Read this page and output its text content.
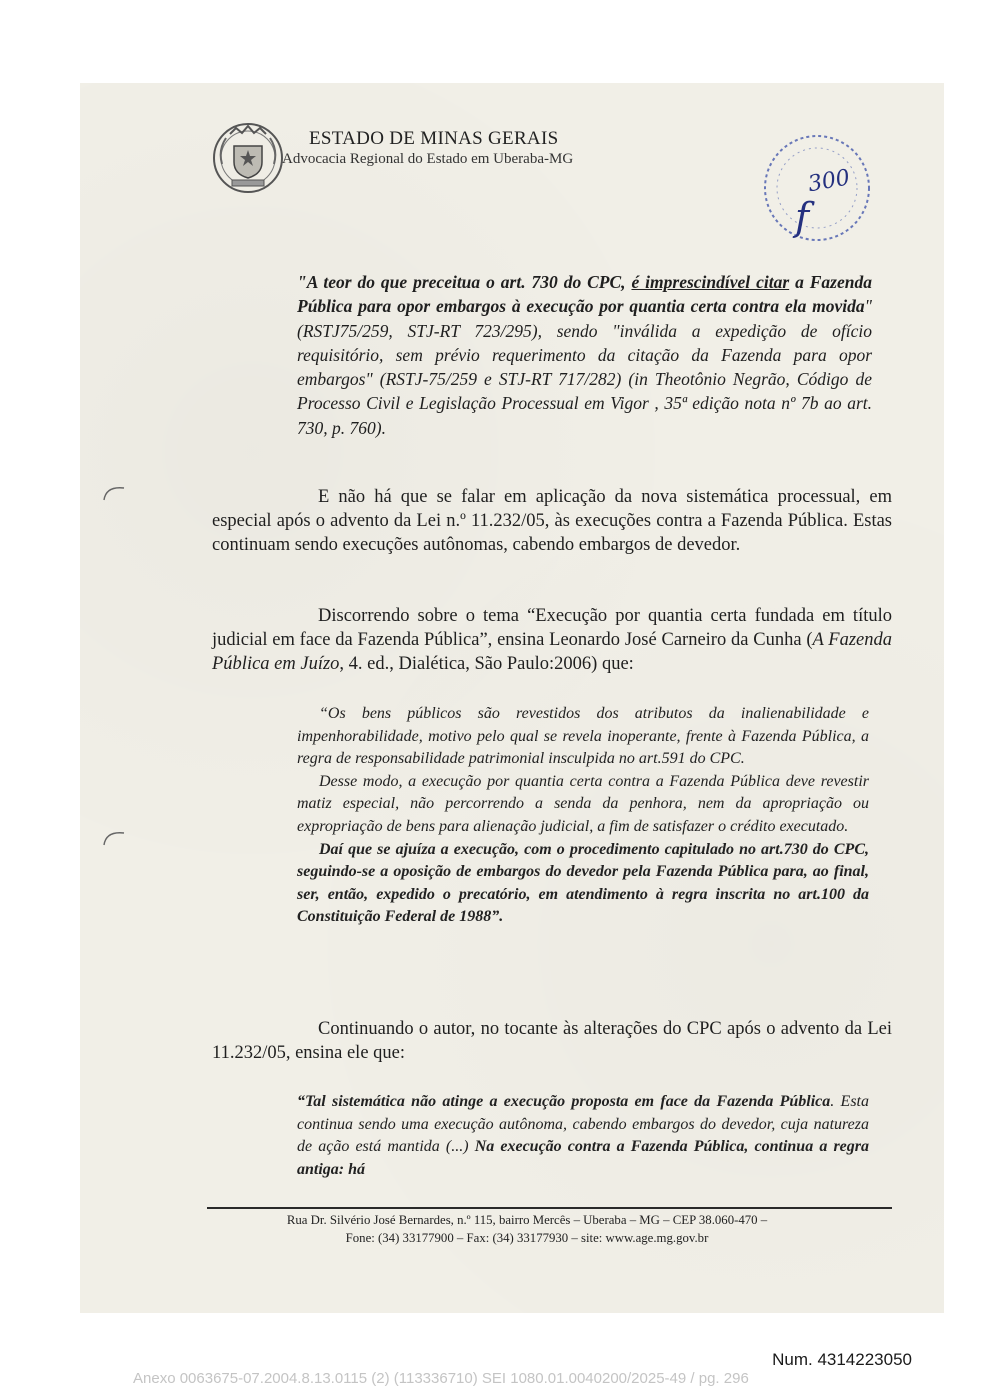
ESTADO DE MINAS GERAIS
Advocacia Regional do Estado em Uberaba-MG
300
f
"A teor do que preceitua o art. 730 do CPC, é imprescindível citar a Fazenda Pública para opor embargos à execução por quantia certa contra ela movida" (RSTJ75/259, STJ-RT 723/295), sendo "inválida a expedição de ofício requisitório, sem prévio requerimento da citação da Fazenda para opor embargos" (RSTJ-75/259 e STJ-RT 717/282) (in Theotônio Negrão, Código de Processo Civil e Legislação Processual em Vigor , 35ª edição nota nº 7b ao art. 730, p. 760).
E não há que se falar em aplicação da nova sistemática processual, em especial após o advento da Lei n.º 11.232/05, às execuções contra a Fazenda Pública. Estas continuam sendo execuções autônomas, cabendo embargos de devedor.
Discorrendo sobre o tema “Execução por quantia certa fundada em título judicial em face da Fazenda Pública”, ensina Leonardo José Carneiro da Cunha (A Fazenda Pública em Juízo, 4. ed., Dialética, São Paulo:2006) que:

“Os bens públicos são revestidos dos atributos da inalienabilidade e impenhorabilidade, motivo pelo qual se revela inoperante, frente à Fazenda Pública, a regra de responsabilidade patrimonial insculpida no art.591 do CPC.

Desse modo, a execução por quantia certa contra a Fazenda Pública deve revestir matiz especial, não percorrendo a senda da penhora, nem da apropriação ou expropriação de bens para alienação judicial, a fim de satisfazer o crédito executado.

Daí que se ajuíza a execução, com o procedimento capitulado no art.730 do CPC, seguindo-se a oposição de embargos do devedor pela Fazenda Pública para, ao final, ser, então, expedido o precatório, em atendimento à regra inscrita no art.100 da Constituição Federal de 1988”.

Continuando o autor, no tocante às alterações do CPC após o advento da Lei 11.232/05, ensina ele que:
“Tal sistemática não atinge a execução proposta em face da Fazenda Pública. Esta continua sendo uma execução autônoma, cabendo embargos do devedor, cuja natureza de ação está mantida (...) Na execução contra a Fazenda Pública, continua a regra antiga: há
Rua Dr. Silvério José Bernardes, n.º 115, bairro Mercês – Uberaba – MG – CEP 38.060-470 –
Fone: (34) 33177900 – Fax: (34) 33177930 – site: www.age.mg.gov.br
Num. 4314223050
Anexo 0063675-07.2004.8.13.0115 (2) (113336710) SEI 1080.01.0040200/2025-49 / pg. 296
